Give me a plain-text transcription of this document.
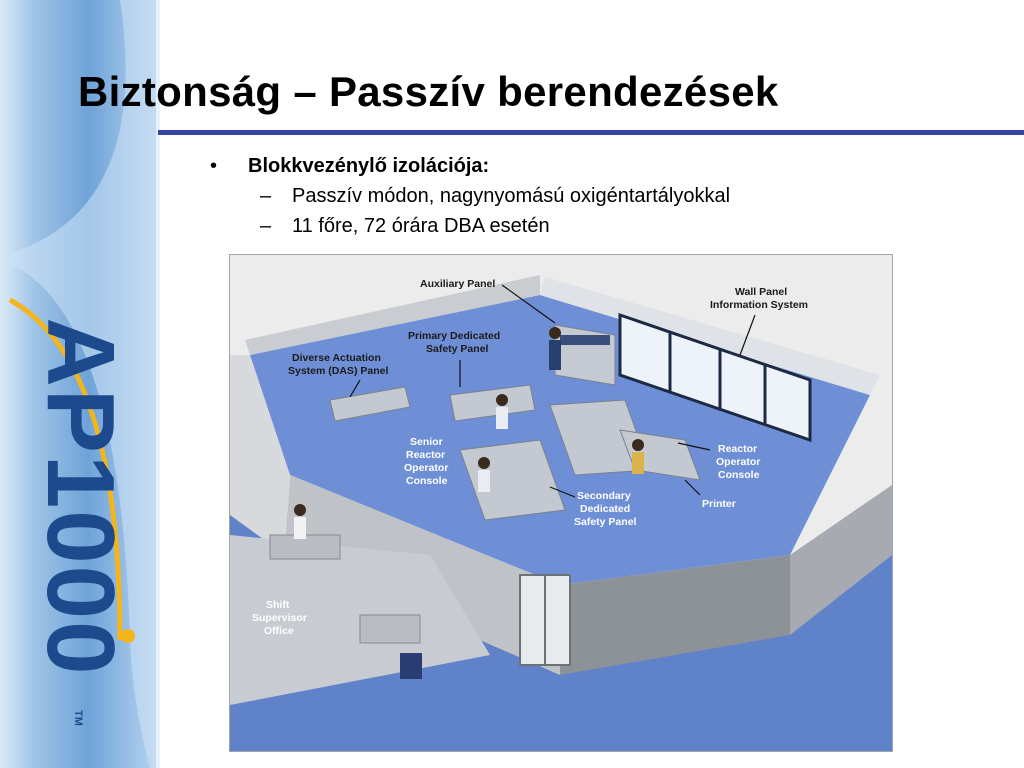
AP1000
TM
Biztonság – Passzív berendezések
• Blokkvezénylő izolációja:
– Passzív módon, nagynyomású oxigéntartályokkal
– 11 főre, 72 órára DBA esetén
Auxiliary Panel
Wall Panel
Information System
Primary Dedicated
Safety Panel
Diverse Actuation
System (DAS) Panel
Senior
Reactor
Operator
Console
Reactor
Operator
Console
Secondary
Dedicated
Safety Panel
Printer
Shift
Supervisor
Office
